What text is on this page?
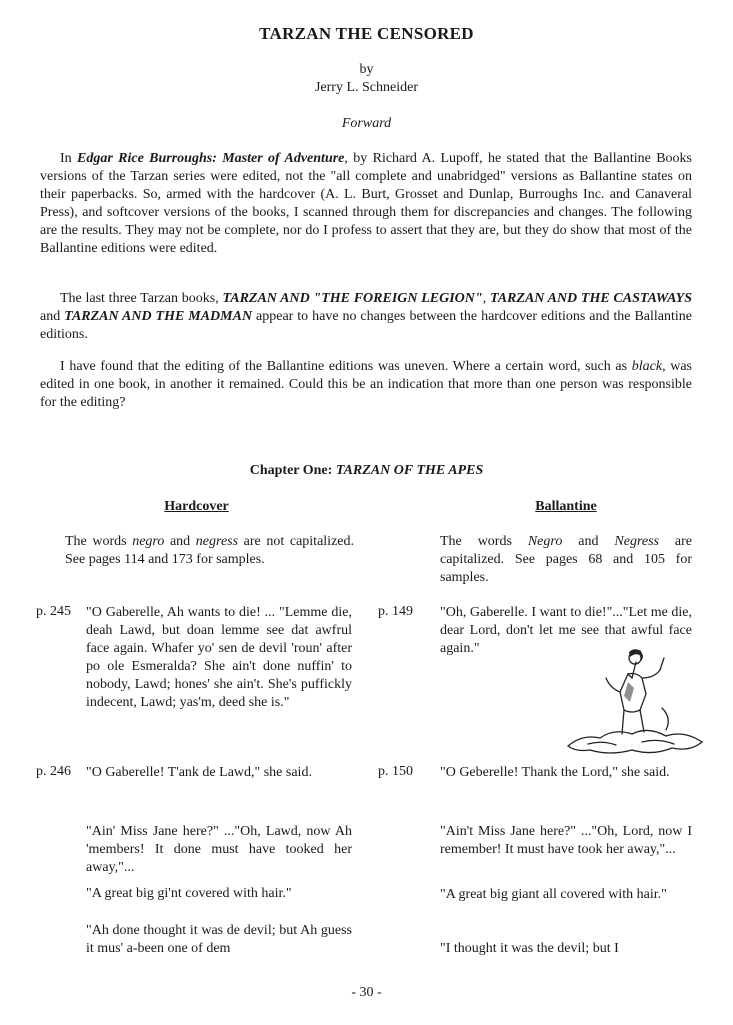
TARZAN THE CENSORED
by
Jerry L. Schneider
Forward

In Edgar Rice Burroughs: Master of Adventure, by Richard A. Lupoff, he stated that the Ballantine Books versions of the Tarzan series were edited, not the "all complete and unabridged" versions as Ballantine states on their paperbacks. So, armed with the hardcover (A. L. Burt, Grosset and Dunlap, Burroughs Inc. and Canaveral Press), and softcover versions of the books, I scanned through them for discrepancies and changes. The following are the results. They may not be complete, nor do I profess to assert that they are, but they do show that most of the Ballantine editions were edited.

The last three Tarzan books, TARZAN AND "THE FOREIGN LEGION", TARZAN AND THE CASTAWAYS and TARZAN AND THE MADMAN appear to have no changes between the hardcover editions and the Ballantine editions.

I have found that the editing of the Ballantine editions was uneven. Where a certain word, such as black, was edited in one book, in another it remained. Could this be an indication that more than one person was responsible for the editing?

Chapter One: TARZAN OF THE APES
Hardcover	Ballantine
The words negro and negress are not capitalized. See pages 114 and 173 for samples.
The words Negro and Negress are capitalized. See pages 68 and 105 for samples.
p. 245 "O Gaberelle, Ah wants to die! ... "Lemme die, deah Lawd, but doan lemme see dat awfrul face again. Whafer yo' sen de devil 'roun' after po ole Esmeralda? She ain't done nuffin' to nobody, Lawd; hones' she ain't. She's puffickly indecent, Lawd; yas'm, deed she is."
p. 149 "Oh, Gaberelle. I want to die!"..."Let me die, dear Lord, don't let me see that awful face again."
p. 246 "O Gaberelle! T'ank de Lawd," she said.
"Ain' Miss Jane here?" ..."Oh, Lawd, now Ah 'members! It done must have tooked her away,"...
"A great big gi'nt covered with hair."
"Ah done thought it was de devil; but Ah guess it mus' a-been one of dem
p. 150 "O Geberelle! Thank the Lord," she said.
"Ain't Miss Jane here?" ..."Oh, Lord, now I remember! It must have took her away,"...
"A great big giant all covered with hair."
"I thought it was the devil; but I
- 30 -
